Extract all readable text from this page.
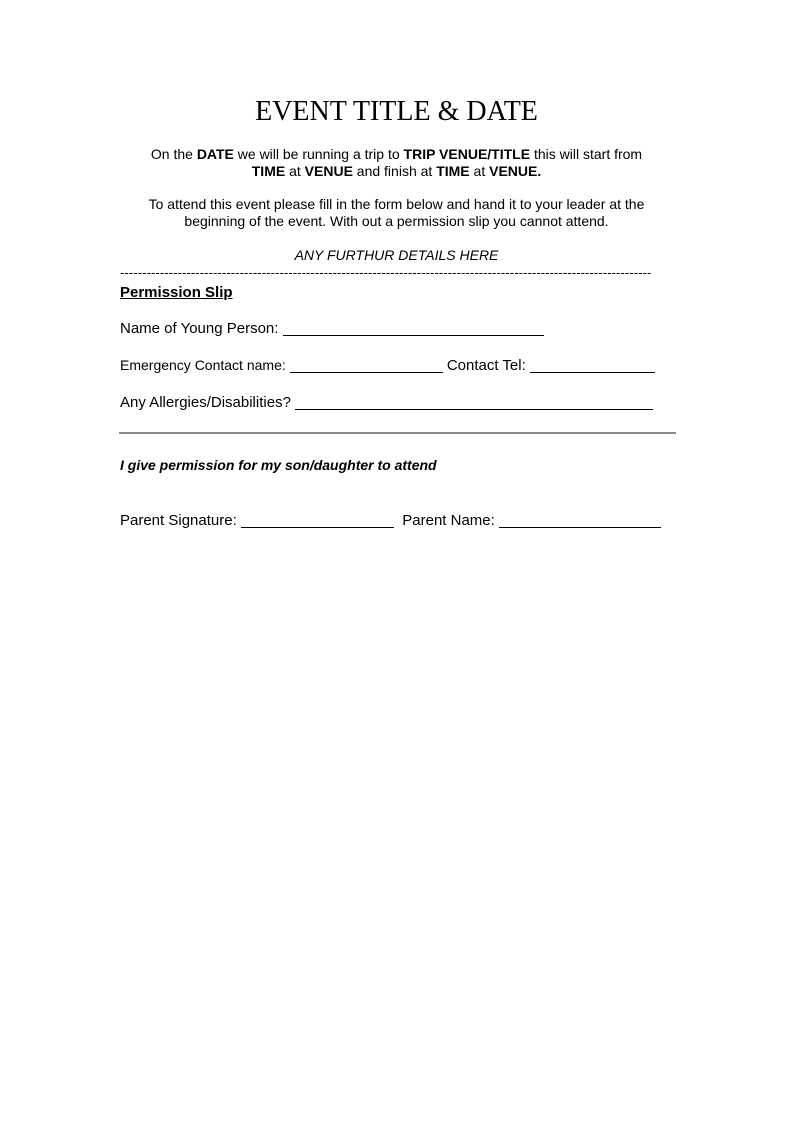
EVENT TITLE & DATE
On the DATE we will be running a trip to TRIP VENUE/TITLE this will start from
TIME at VENUE and finish at TIME at VENUE.
To attend this event please fill in the form below and hand it to your leader at the
beginning of the event. With out a permission slip you cannot attend.
ANY FURTHUR DETAILS HERE
------------------------------------------------------------------------------------------------------------------------
Permission Slip
Name of Young Person:
Emergency Contact name:	Contact Tel:
Any Allergies/Disabilities?
I give permission for my son/daughter to attend
Parent Signature:	Parent Name:
